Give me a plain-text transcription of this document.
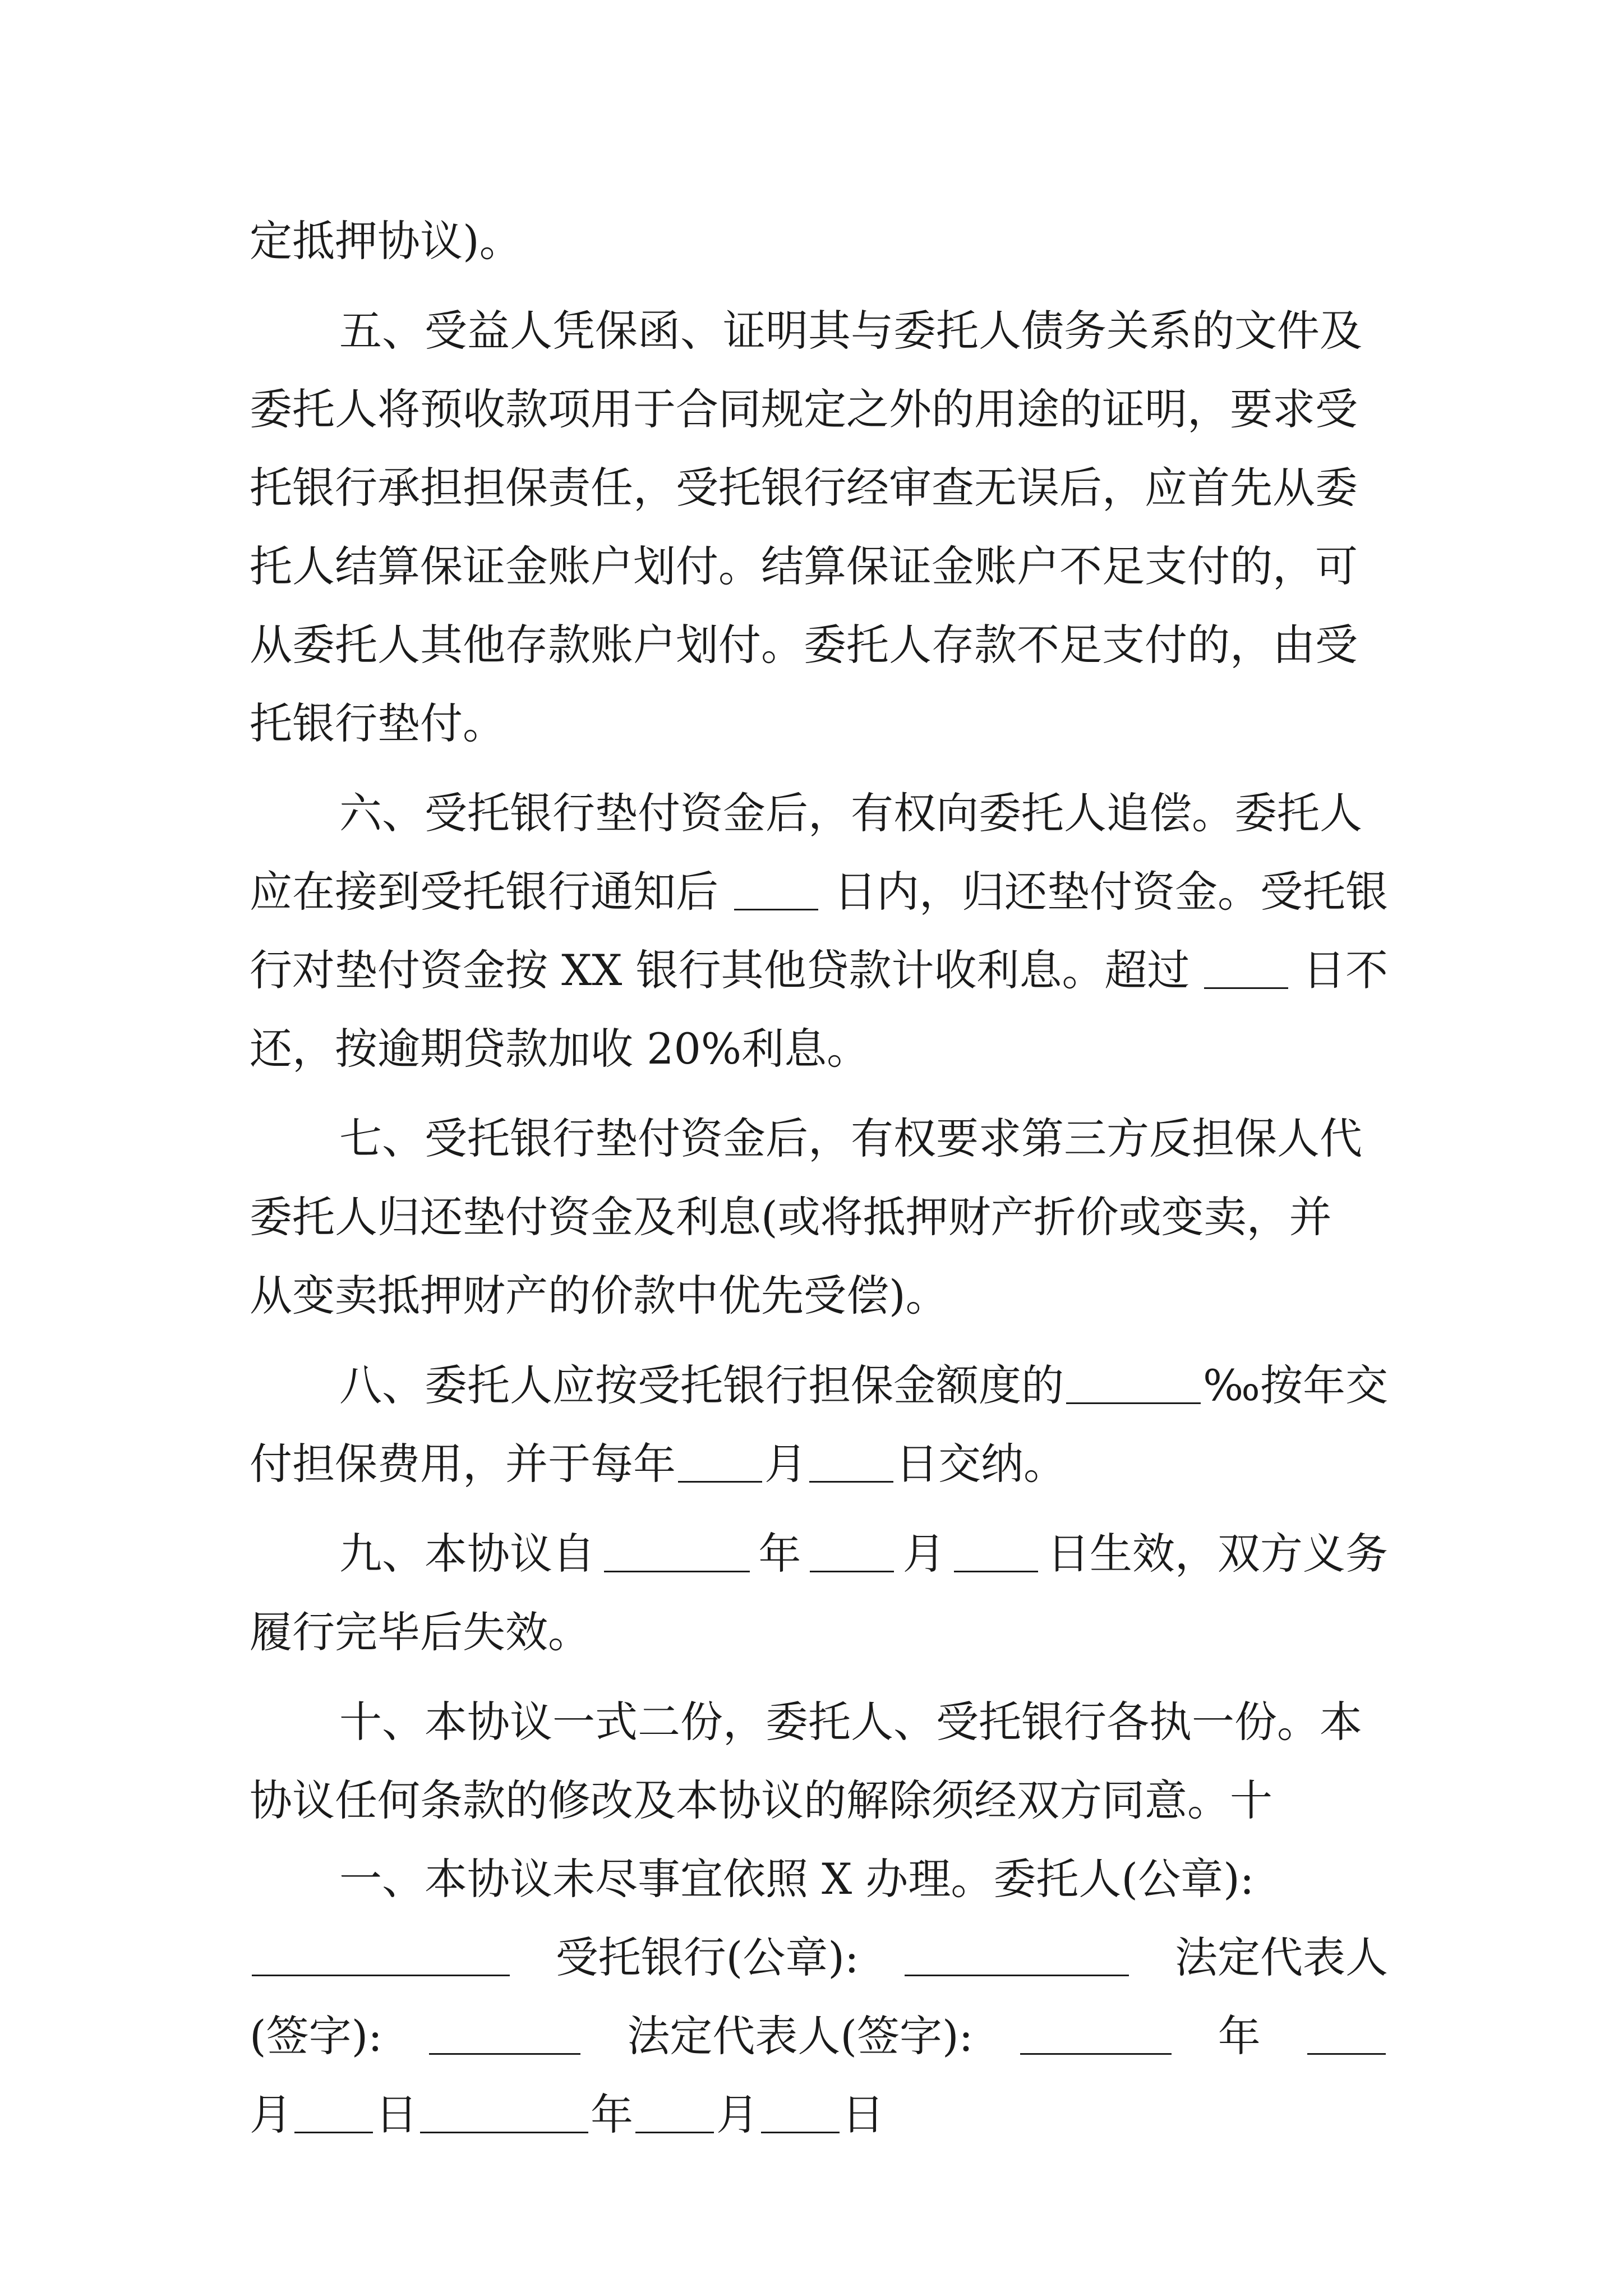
定抵押协议)。
五、受益人凭保函、证明其与委托人债务关系的文件及
委托人将预收款项用于合同规定之外的用途的证明，要求受
托银行承担担保责任，受托银行经审查无误后，应首先从委
托人结算保证金账户划付。结算保证金账户不足支付的，可
从委托人其他存款账户划付。委托人存款不足支付的，由受
托银行垫付。
六、受托银行垫付资金后，有权向委托人追偿。委托人
应在接到受托银行通知后	日内，归还垫付资金。受托银
行对垫付资金按 XX 银行其他贷款计收利息。超过	日不
还，按逾期贷款加收 20%利息。
七、受托银行垫付资金后，有权要求第三方反担保人代
委托人归还垫付资金及利息(或将抵押财产折价或变卖，并
从变卖抵押财产的价款中优先受偿)。
八、委托人应按受托银行担保金额度的	‰按年交
付担保费用，并于每年 月 日交纳。
九、本协议自	年 月 日生效，双方义务
履行完毕后失效。
十、本协议一式二份，委托人、受托银行各执一份。本
协议任何条款的修改及本协议的解除须经双方同意。十
一、本协议未尽事宜依照 X 办理。委托人(公章):
受托银行(公章):	法定代表人
(签字):	法定代表人(签字):	年
月 日	年 月 日
